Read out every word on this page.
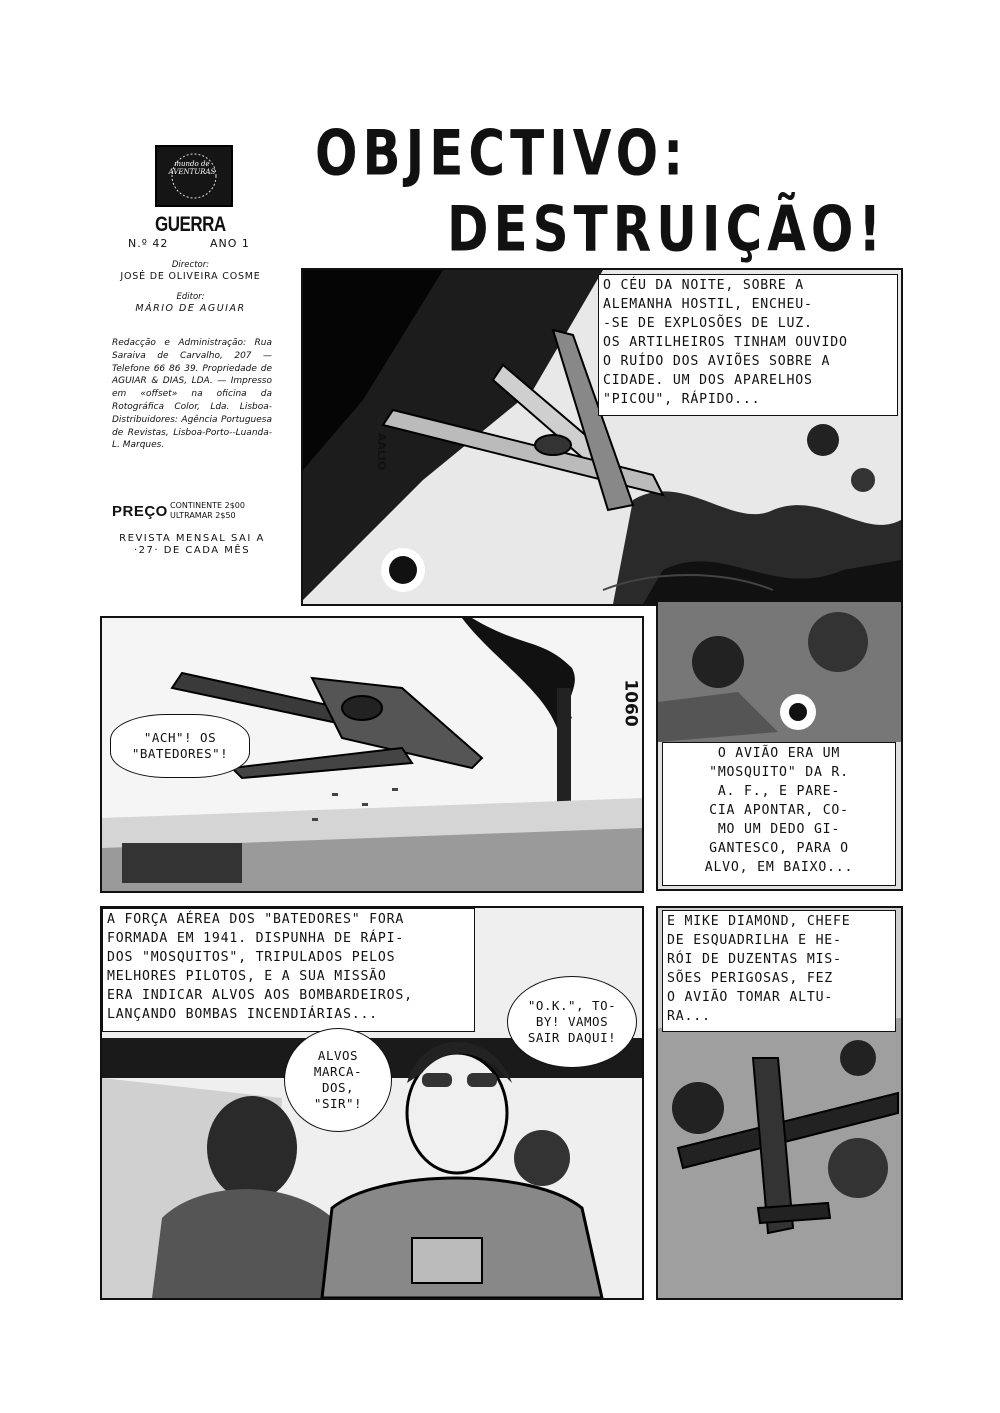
mundo de AVENTURAS
GUERRA
N.º 42	ANO 1
Director:
JOSÉ DE OLIVEIRA COSME
Editor:
MÁRIO DE AGUIAR
Redacção e Administração: Rua Saraiva de Carvalho, 207 — Telefone 66 86 39. Propriedade de AGUIAR & DIAS, LDA. — Impresso em «offset» na oficina da Rotográfica Color, Lda. Lisboa-Distribuidores: Agência Portuguesa de Revistas, Lisboa-Porto--Luanda-L. Marques.
PREÇO CONTINENTE 2$00
ULTRAMAR 2$50
REVISTA MENSAL SAI A ·27· DE CADA MÊS
OBJECTIVO:
DESTRUIÇÃO!
O CÉU DA NOITE, SOBRE A
ALEMANHA HOSTIL, ENCHEU-
-SE DE EXPLOSÕES DE LUZ.
OS ARTILHEIROS TINHAM OUVIDO
O RUÍDO DOS AVIÕES SOBRE A
CIDADE. UM DOS APARELHOS
"PICOU", RÁPIDO...
AALIO
"ACH"! OS
"BATEDORES"!
1060
O AVIÃO ERA UM
"MOSQUITO" DA R.
A. F., E PARE-
CIA APONTAR, CO-
MO UM DEDO GI-
GANTESCO, PARA O
ALVO, EM BAIXO...
A FORÇA AÉREA DOS "BATEDORES" FORA
FORMADA EM 1941. DISPUNHA DE RÁPI-
DOS "MOSQUITOS", TRIPULADOS PELOS
MELHORES PILOTOS, E A SUA MISSÃO
ERA INDICAR ALVOS AOS BOMBARDEIROS,
LANÇANDO BOMBAS INCENDIÁRIAS...
ALVOS
MARCA-
DOS,
"SIR"!
"O.K.", TO-
BY! VAMOS
SAIR DAQUI!
E MIKE DIAMOND, CHEFE
DE ESQUADRILHA E HE-
RÓI DE DUZENTAS MIS-
SÕES PERIGOSAS, FEZ
O AVIÃO TOMAR ALTU-
RA...
